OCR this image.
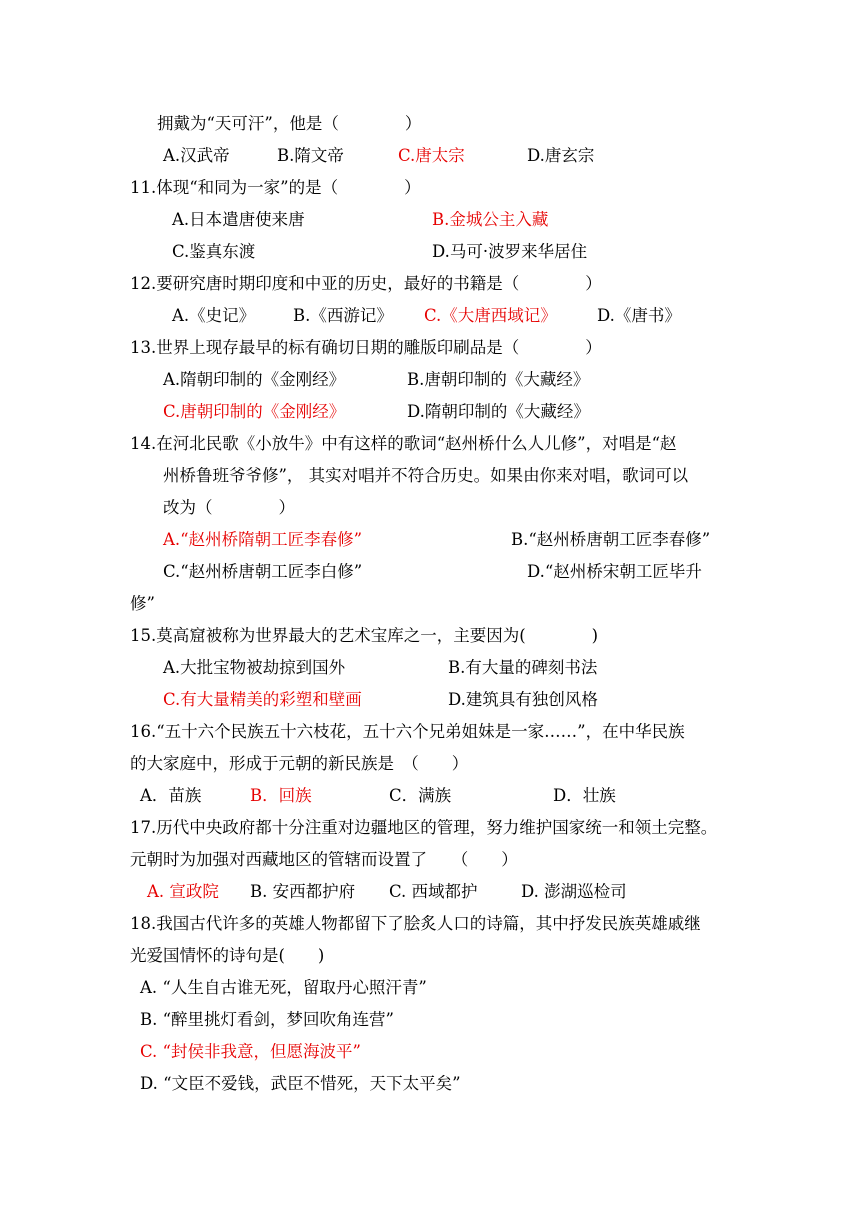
拥戴为“天可汗”，他是（　　　　）
A.汉武帝	B.隋文帝	C.唐太宗	D.唐玄宗
11.体现“和同为一家”的是（　　　　）
A.日本遣唐使来唐	B.金城公主入藏
C.鉴真东渡	D.马可·波罗来华居住
12.要研究唐时期印度和中亚的历史，最好的书籍是（　　　　）
A.《史记》 B.《西游记》 C.《大唐西域记》 D.《唐书》
13.世界上现存最早的标有确切日期的雕版印刷品是（　　　　）
A.隋朝印制的《金刚经》	B.唐朝印制的《大藏经》
C.唐朝印制的《金刚经》	D.隋朝印制的《大藏经》
14.在河北民歌《小放牛》中有这样的歌词“赵州桥什么人儿修”，对唱是“赵
州桥鲁班爷爷修”， 其实对唱并不符合历史。如果由你来对唱，歌词可以
改为（　　　　）
A.“赵州桥隋朝工匠李春修”	B.“赵州桥唐朝工匠李春修”
C.“赵州桥唐朝工匠李白修”	D.“赵州桥宋朝工匠毕升
修”
15.莫高窟被称为世界最大的艺术宝库之一，主要因为(　　　　)
A.大批宝物被劫掠到国外	B.有大量的碑刻书法
C.有大量精美的彩塑和壁画	D.建筑具有独创风格
16.“五十六个民族五十六枝花，五十六个兄弟姐妹是一家……”，在中华民族
的大家庭中，形成于元朝的新民族是　（　　）
A．苗族	B．回族	C．满族	D．壮族
17.历代中央政府都十分注重对边疆地区的管理，努力维护国家统一和领土完整。
元朝时为加强对西藏地区的管辖而设置了　　（　　）
A. 宣政院 B. 安西都护府 C. 西域都护	D. 澎湖巡检司
18.我国古代许多的英雄人物都留下了脍炙人口的诗篇，其中抒发民族英雄戚继
光爱国情怀的诗句是(　　)
A. “人生自古谁无死，留取丹心照汗青”
B. “醉里挑灯看剑，梦回吹角连营”
C. “封侯非我意，但愿海波平”
D. “文臣不爱钱，武臣不惜死，天下太平矣”
